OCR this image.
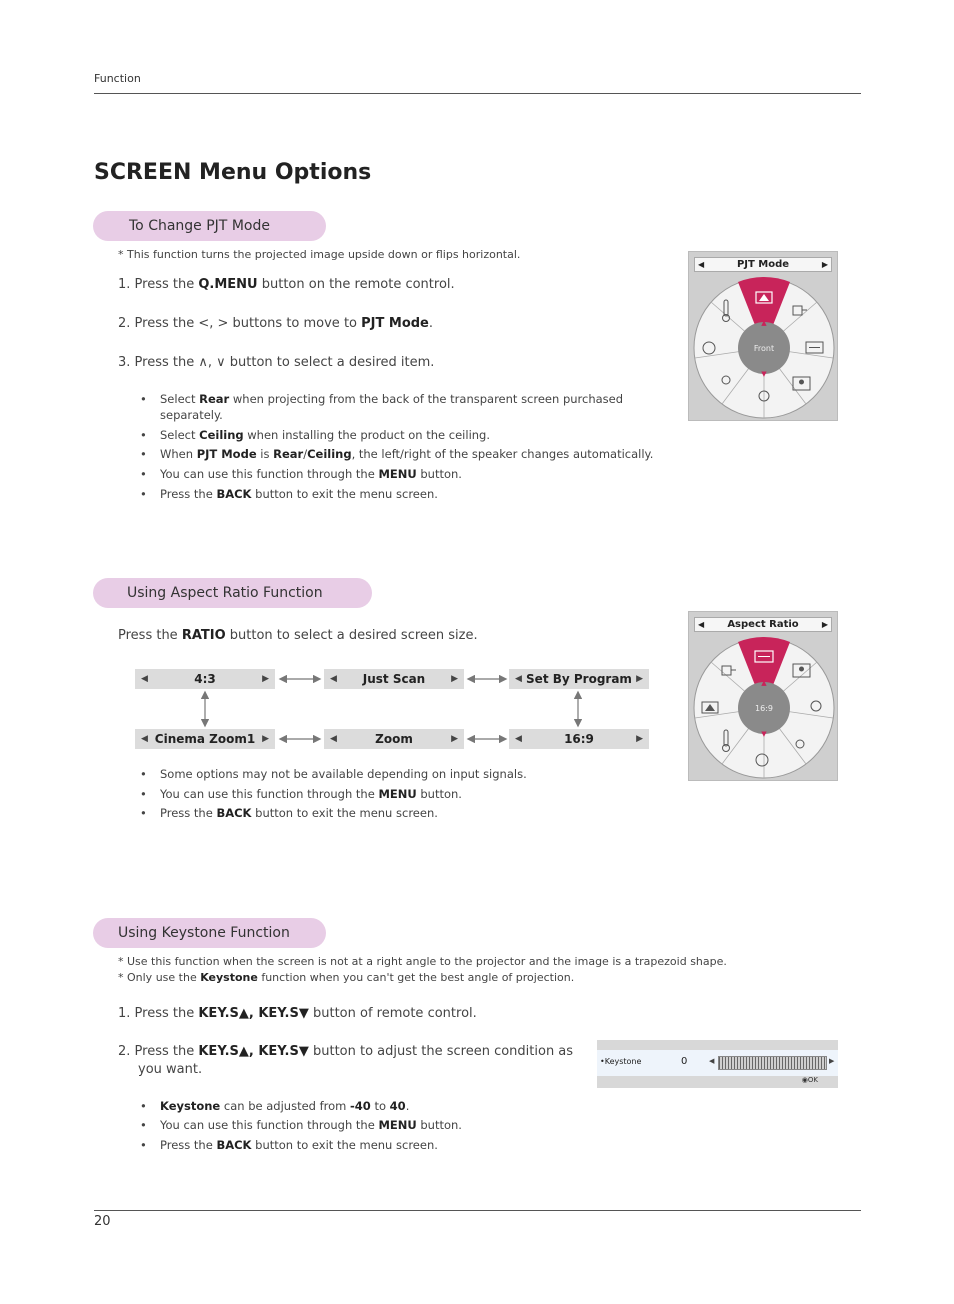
Function
SCREEN Menu Options
To Change PJT Mode
* This function turns the projected image upside down or flips horizontal.
1. Press the Q.MENU button on the remote control.
2. Press the <, > buttons to move to PJT Mode.
3. Press the ∧, ∨ button to select a desired item.
• Select Rear when projecting from the back of the transparent screen purchased
separately.
• Select Ceiling when installing the product on the ceiling.
• When PJT Mode is Rear/Ceiling, the left/right of the speaker changes automatically.
• You can use this function through the MENU button.
• Press the BACK button to exit the menu screen.
◀	PJT Mode	▶
Front
▲
▼
Using Aspect Ratio Function
Press the RATIO button to select a desired screen size.
◀	4:3	▶	◀ Just Scan	▶	◀ Set By Program ▶
◀ Cinema Zoom1 ▶	◀	Zoom	▶	◀	16:9	▶
• Some options may not be available depending on input signals.
• You can use this function through the MENU button.
• Press the BACK button to exit the menu screen.
◀ Aspect Ratio	▶
16:9
▲
▼
Using Keystone Function
* Use this function when the screen is not at a right angle to the projector and the image is a trapezoid shape.
* Only use the Keystone function when you can't get the best angle of projection.
1. Press the KEY.S▲, KEY.S▼ button of remote control.
2. Press the KEY.S▲, KEY.S▼ button to adjust the screen condition as
you want.
• Keystone can be adjusted from -40 to 40.
• You can use this function through the MENU button.
• Press the BACK button to exit the menu screen.
•Keystone	0	◀	▶
◉OK
20
